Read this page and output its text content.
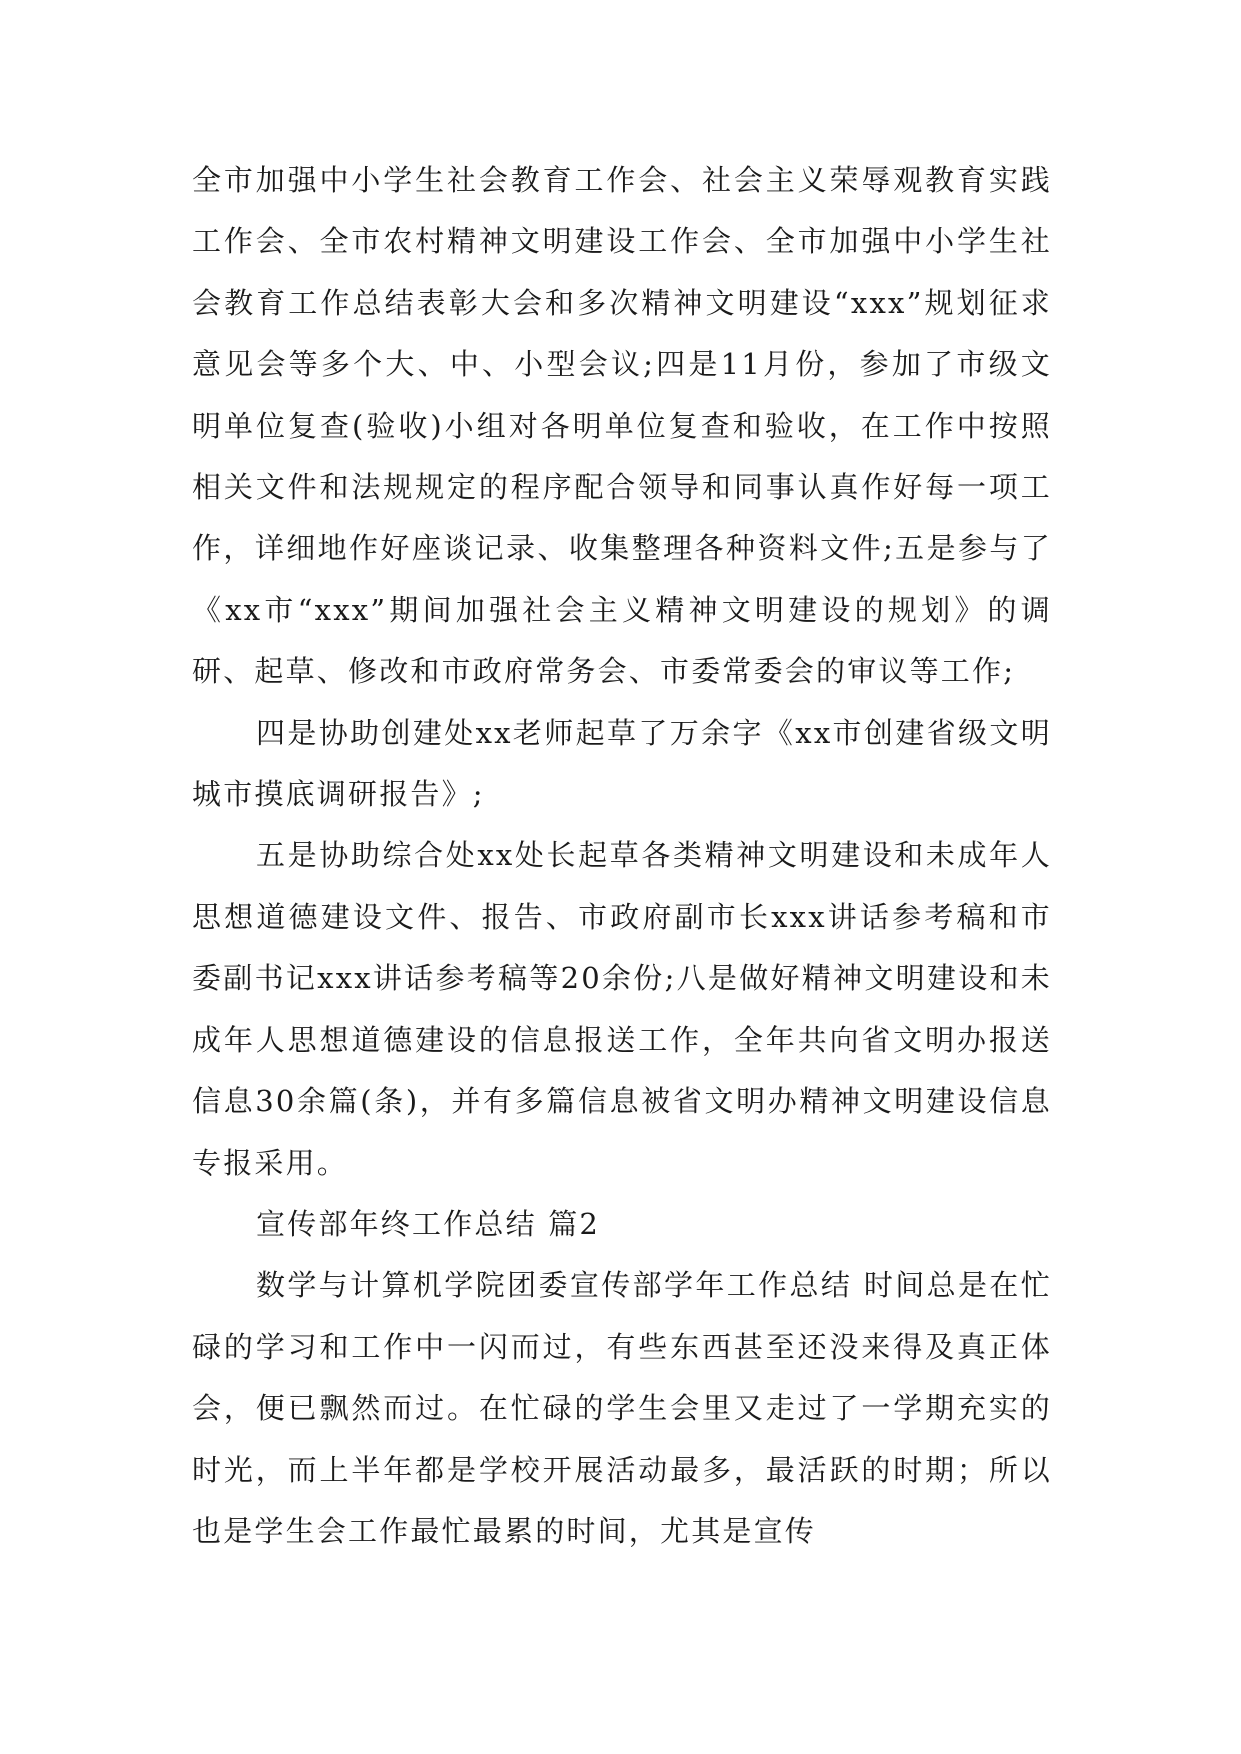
全市加强中小学生社会教育工作会、社会主义荣辱观教育实践工作会、全市农村精神文明建设工作会、全市加强中小学生社会教育工作总结表彰大会和多次精神文明建设“xxx”规划征求意见会等多个大、中、小型会议;四是11月份，参加了市级文明单位复查(验收)小组对各明单位复查和验收，在工作中按照相关文件和法规规定的程序配合领导和同事认真作好每一项工作，详细地作好座谈记录、收集整理各种资料文件;五是参与了《xx市“xxx”期间加强社会主义精神文明建设的规划》的调研、起草、修改和市政府常务会、市委常委会的审议等工作;

四是协助创建处xx老师起草了万余字《xx市创建省级文明城市摸底调研报告》;

五是协助综合处xx处长起草各类精神文明建设和未成年人思想道德建设文件、报告、市政府副市长xxx讲话参考稿和市委副书记xxx讲话参考稿等20余份;八是做好精神文明建设和未成年人思想道德建设的信息报送工作，全年共向省文明办报送信息30余篇(条)，并有多篇信息被省文明办精神文明建设信息专报采用。

宣传部年终工作总结 篇2

数学与计算机学院团委宣传部学年工作总结 时间总是在忙碌的学习和工作中一闪而过，有些东西甚至还没来得及真正体会，便已飘然而过。在忙碌的学生会里又走过了一学期充实的时光，而上半年都是学校开展活动最多，最活跃的时期；所以也是学生会工作最忙最累的时间，尤其是宣传
